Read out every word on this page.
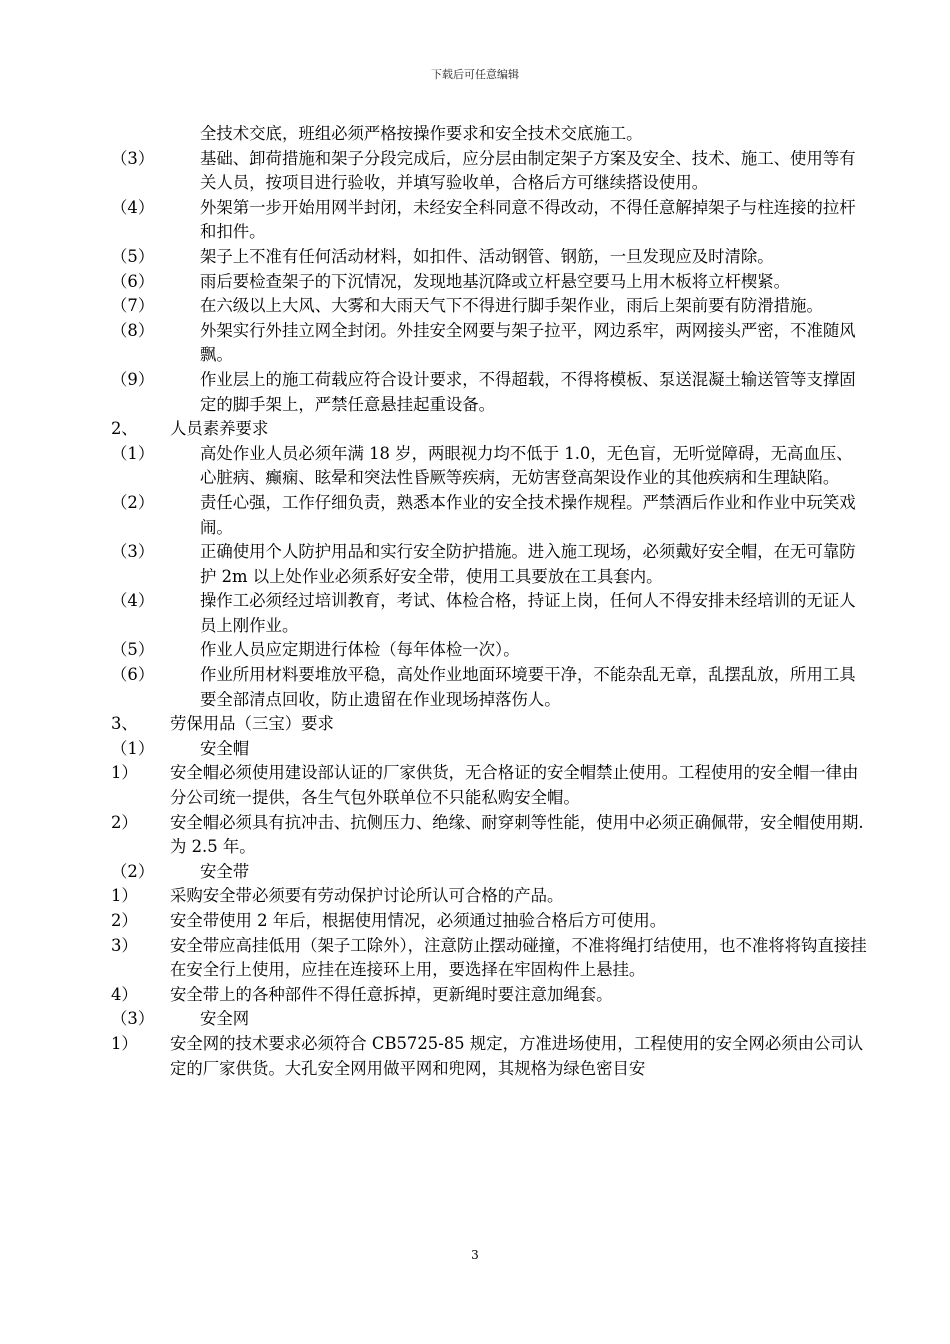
下载后可任意编辑
全技术交底，班组必须严格按操作要求和安全技术交底施工。
（3）	基础、卸荷措施和架子分段完成后，应分层由制定架子方案及安全、技术、施工、使用等有关人员，按项目进行验收，并填写验收单，合格后方可继续搭设使用。
（4）	外架第一步开始用网半封闭，未经安全科同意不得改动，不得任意解掉架子与柱连接的拉杆和扣件。
（5）	架子上不准有任何活动材料，如扣件、活动钢管、钢筋，一旦发现应及时清除。
（6）	雨后要检查架子的下沉情况，发现地基沉降或立杆悬空要马上用木板将立杆楔紧。
（7）	在六级以上大风、大雾和大雨天气下不得进行脚手架作业，雨后上架前要有防滑措施。
（8）	外架实行外挂立网全封闭。外挂安全网要与架子拉平，网边系牢，两网接头严密，不准随风飘。
（9）	作业层上的施工荷载应符合设计要求，不得超载，不得将模板、泵送混凝土输送管等支撑固定的脚手架上，严禁任意悬挂起重设备。
2、 人员素养要求
（1）	高处作业人员必须年满 18 岁，两眼视力均不低于 1.0，无色盲，无听觉障碍，无高血压、心脏病、癫痫、眩晕和突法性昏厥等疾病，无妨害登高架设作业的其他疾病和生理缺陷。
（2）	责任心强，工作仔细负责，熟悉本作业的安全技术操作规程。严禁酒后作业和作业中玩笑戏闹。
（3）	正确使用个人防护用品和实行安全防护措施。进入施工现场，必须戴好安全帽，在无可靠防护 2m 以上处作业必须系好安全带，使用工具要放在工具套内。
（4）	操作工必须经过培训教育，考试、体检合格，持证上岗，任何人不得安排未经培训的无证人员上刚作业。
（5）	作业人员应定期进行体检（每年体检一次）。
（6）	作业所用材料要堆放平稳，高处作业地面环境要干净，不能杂乱无章，乱摆乱放，所用工具要全部清点回收，防止遗留在作业现场掉落伤人。
3、 劳保用品（三宝）要求
（1）	安全帽
1） 安全帽必须使用建设部认证的厂家供货，无合格证的安全帽禁止使用。工程使用的安全帽一律由分公司统一提供，各生气包外联单位不只能私购安全帽。
2） 安全帽必须具有抗冲击、抗侧压力、绝缘、耐穿刺等性能，使用中必须正确佩带，安全帽使用期.为 2.5 年。
（2）	安全带
1） 采购安全带必须要有劳动保护讨论所认可合格的产品。
2） 安全带使用 2 年后，根据使用情况，必须通过抽验合格后方可使用。
3） 安全带应高挂低用（架子工除外），注意防止摆动碰撞，不准将绳打结使用，也不准将将钩直接挂在安全行上使用，应挂在连接环上用，要选择在牢固构件上悬挂。
4） 安全带上的各种部件不得任意拆掉，更新绳时要注意加绳套。
（3）	安全网
1） 安全网的技术要求必须符合 CB5725-85 规定，方准进场使用，工程使用的安全网必须由公司认定的厂家供货。大孔安全网用做平网和兜网，其规格为绿色密目安
3
